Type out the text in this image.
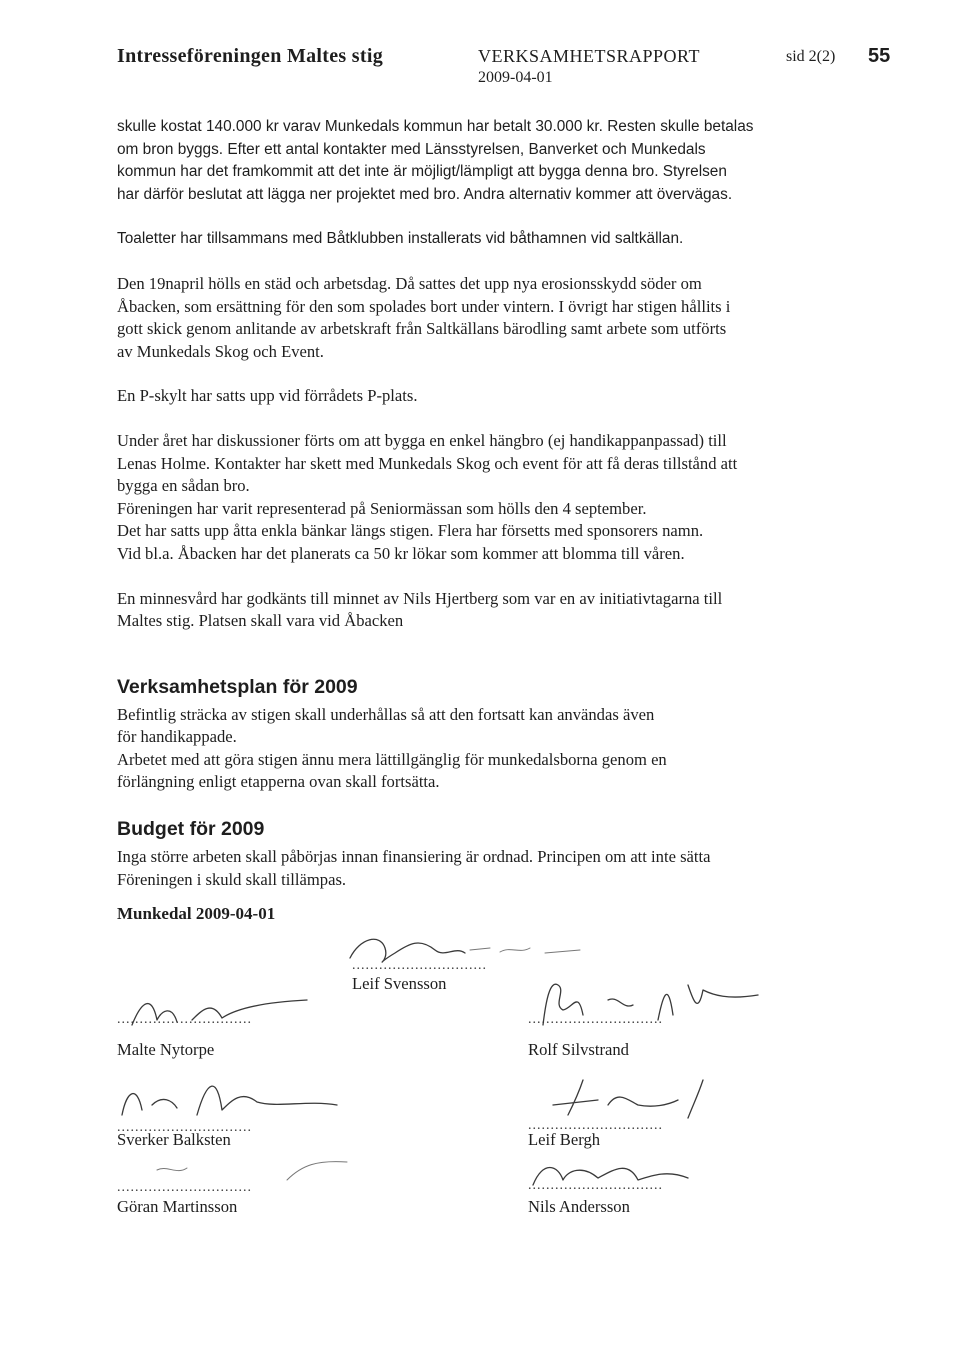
Intresseföreningen Maltes stig	VERKSAMHETSRAPPORT
2009-04-01
sid 2(2) 55

skulle kostat 140.000 kr varav Munkedals kommun har betalt 30.000 kr. Resten skulle betalas
om bron byggs. Efter ett antal kontakter med Länsstyrelsen, Banverket och Munkedals
kommun har det framkommit att det inte är möjligt/lämpligt att bygga denna bro. Styrelsen
har därför beslutat att lägga ner projektet med bro. Andra alternativ kommer att övervägas.

Toaletter har tillsammans med Båtklubben installerats vid båthamnen vid saltkällan.

Den 19napril hölls en städ och arbetsdag. Då sattes det upp nya erosionsskydd söder om
Åbacken, som ersättning för den som spolades bort under vintern. I övrigt har stigen hållits i
gott skick genom anlitande av arbetskraft från Saltkällans bärodling samt arbete som utförts
av Munkedals Skog och Event.

En P-skylt har satts upp vid förrådets P-plats.

Under året har diskussioner förts om att bygga en enkel hängbro (ej handikappanpassad) till
Lenas Holme. Kontakter har skett med Munkedals Skog och event för att få deras tillstånd att
bygga en sådan bro.
Föreningen har varit representerad på Seniormässan som hölls den 4 september.
Det har satts upp åtta enkla bänkar längs stigen. Flera har försetts med sponsorers namn.
Vid bl.a. Åbacken har det planerats ca 50 kr lökar som kommer att blomma till våren.

En minnesvård har godkänts till minnet av Nils Hjertberg som var en av initiativtagarna till
Maltes stig. Platsen skall vara vid Åbacken

Verksamhetsplan för 2009

Befintlig sträcka av stigen skall underhållas så att den fortsatt kan användas även
för handikappade.
Arbetet med att göra stigen ännu mera lättillgänglig för munkedalsborna genom en
förlängning enligt etapperna ovan skall fortsätta.

Budget för 2009

Inga större arbeten skall påbörjas innan finansiering är ordnad. Principen om att inte sätta
Föreningen i skuld skall tillämpas.

Munkedal 2009-04-01
..............................
Leif Svensson
..............................
Malte Nytorpe
..............................
Rolf Silvstrand
..............................
Sverker Balksten
..............................
Leif Bergh
..............................
Göran Martinsson
..............................
Nils Andersson
